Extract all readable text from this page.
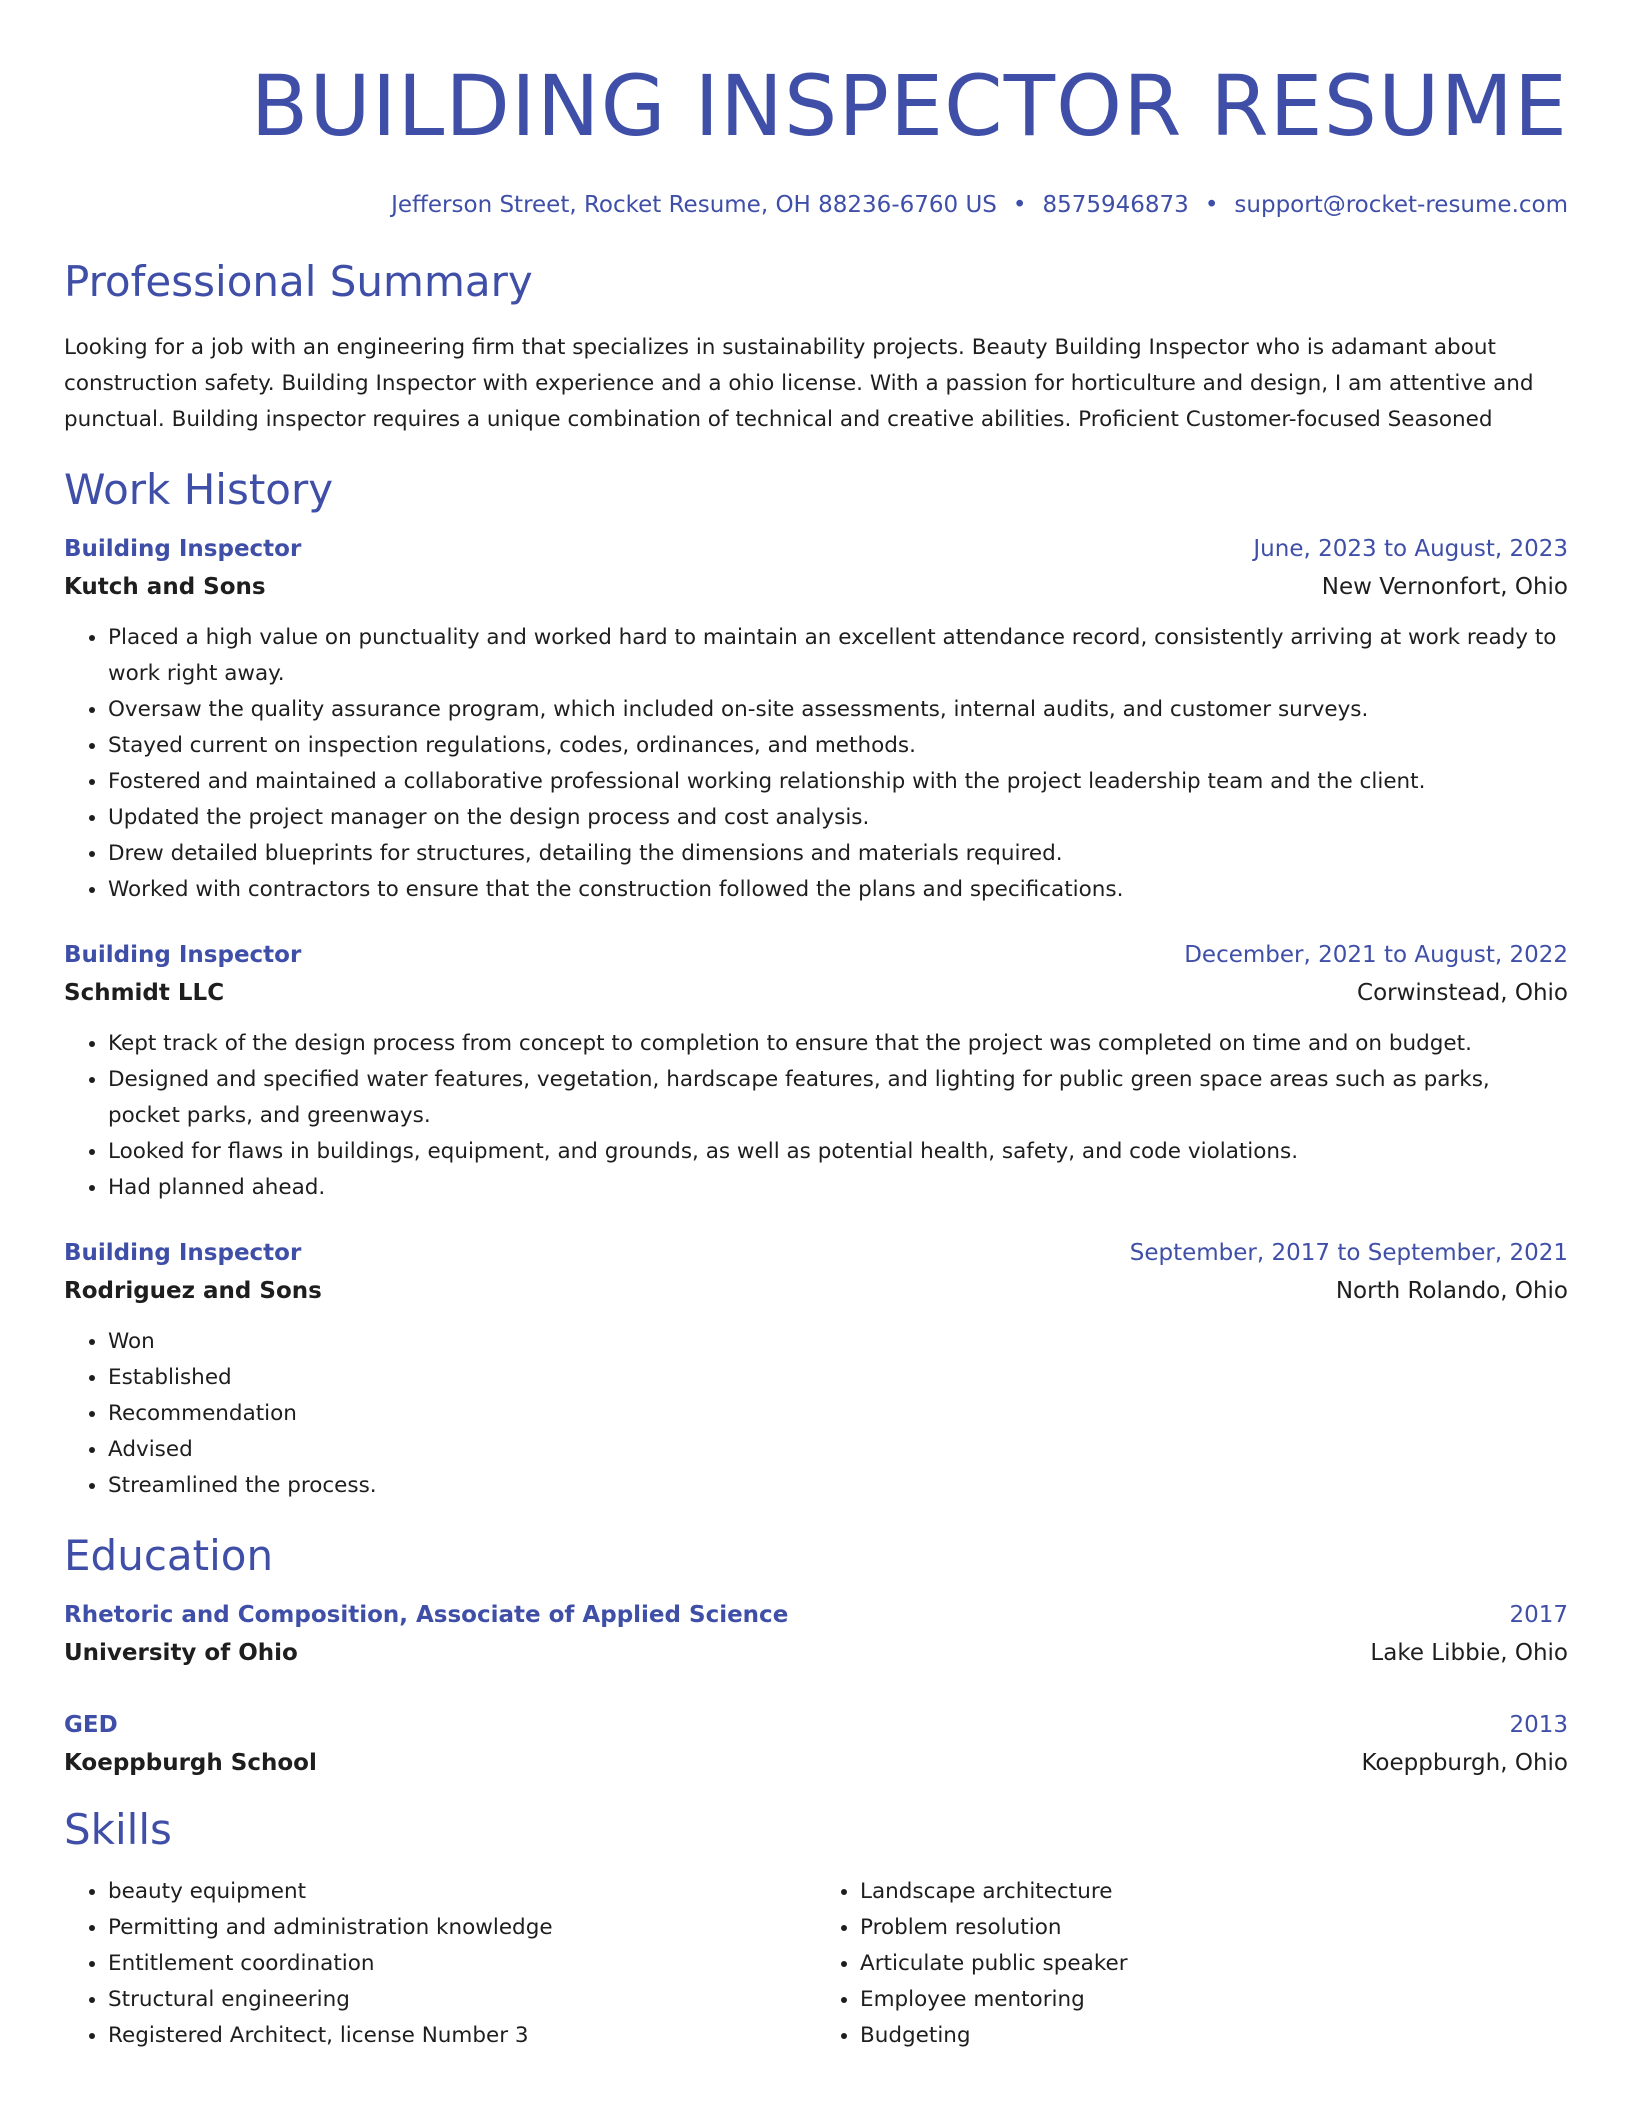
BUILDING INSPECTOR RESUME
Jefferson Street, Rocket Resume, OH 88236-6760 US • 8575946873 • support@rocket-resume.com
Professional Summary
Looking for a job with an engineering firm that specializes in sustainability projects. Beauty Building Inspector who is adamant about construction safety. Building Inspector with experience and a ohio license. With a passion for horticulture and design, I am attentive and punctual. Building inspector requires a unique combination of technical and creative abilities. Proficient Customer-focused Seasoned
Work History
Building Inspector	June, 2023 to August, 2023
Kutch and Sons	New Vernonfort, Ohio
• Placed a high value on punctuality and worked hard to maintain an excellent attendance record, consistently arriving at work ready to work right away.
• Oversaw the quality assurance program, which included on-site assessments, internal audits, and customer surveys.
• Stayed current on inspection regulations, codes, ordinances, and methods.
• Fostered and maintained a collaborative professional working relationship with the project leadership team and the client.
• Updated the project manager on the design process and cost analysis.
• Drew detailed blueprints for structures, detailing the dimensions and materials required.
• Worked with contractors to ensure that the construction followed the plans and specifications.
Building Inspector	December, 2021 to August, 2022
Schmidt LLC	Corwinstead, Ohio
• Kept track of the design process from concept to completion to ensure that the project was completed on time and on budget.
• Designed and specified water features, vegetation, hardscape features, and lighting for public green space areas such as parks, pocket parks, and greenways.
• Looked for flaws in buildings, equipment, and grounds, as well as potential health, safety, and code violations.
• Had planned ahead.
Building Inspector	September, 2017 to September, 2021
Rodriguez and Sons	North Rolando, Ohio
• Won
• Established
• Recommendation
• Advised
• Streamlined the process.
Education
Rhetoric and Composition, Associate of Applied Science	2017
University of Ohio	Lake Libbie, Ohio
GED	2013
Koeppburgh School	Koeppburgh, Ohio
Skills
• beauty equipment
• Permitting and administration knowledge
• Entitlement coordination
• Structural engineering
• Registered Architect, license Number 3
• Landscape architecture
• Problem resolution
• Articulate public speaker
• Employee mentoring
• Budgeting
